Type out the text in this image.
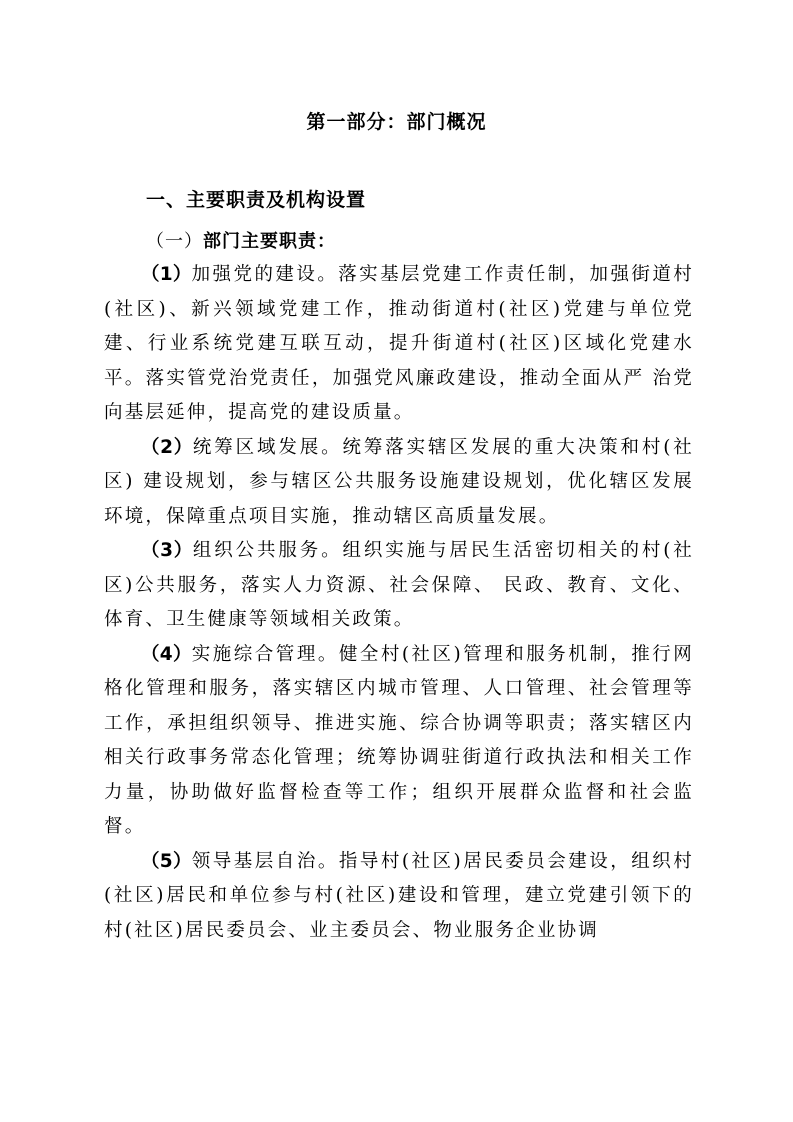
第一部分：部门概况
一、主要职责及机构设置
（一）部门主要职责：

（1）加强党的建设。落实基层党建工作责任制，加强街道村(社区)、新兴领域党建工作，推动街道村(社区)党建与单位党建、行业系统党建互联互动，提升街道村(社区)区域化党建水平。落实管党治党责任，加强党风廉政建设，推动全面从严 治党向基层延伸，提高党的建设质量。

（2）统筹区域发展。统筹落实辖区发展的重大决策和村(社区) 建设规划，参与辖区公共服务设施建设规划，优化辖区发展 环境，保障重点项目实施，推动辖区高质量发展。

（3）组织公共服务。组织实施与居民生活密切相关的村(社区)公共服务，落实人力资源、社会保障、 民政、教育、文化、体育、卫生健康等领域相关政策。

（4）实施综合管理。健全村(社区)管理和服务机制，推行网格化管理和服务，落实辖区内城市管理、人口管理、社会管理等工作，承担组织领导、推进实施、综合协调等职责；落实辖区内相关行政事务常态化管理；统筹协调驻街道行政执法和相关工作力量，协助做好监督检查等工作；组织开展群众监督和社会监督。

（5）领导基层自治。指导村(社区)居民委员会建设，组织村 (社区)居民和单位参与村(社区)建设和管理，建立党建引领下的村(社区)居民委员会、业主委员会、物业服务企业协调
